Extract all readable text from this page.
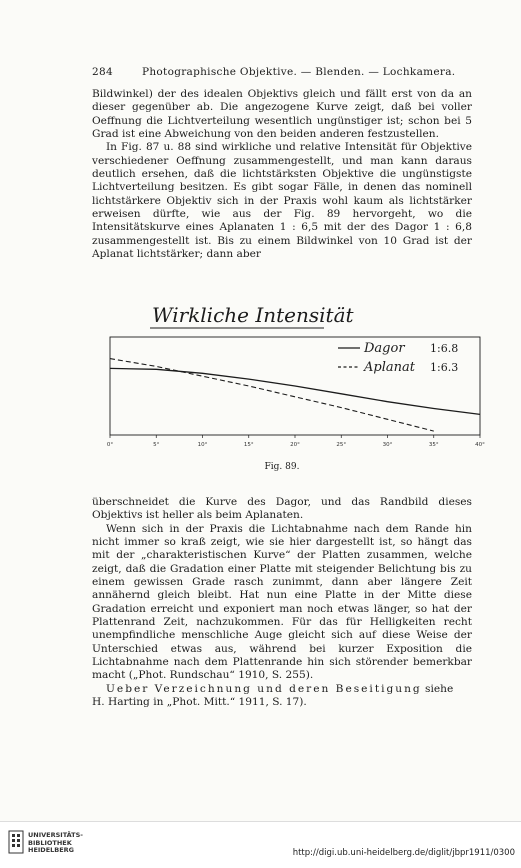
284	Photographische Objektive. — Blenden. — Lochkamera.

Bildwinkel) der des idealen Objektivs gleich und fällt erst von da an dieser gegenüber ab. Die angezogene Kurve zeigt, daß bei voller Oeffnung die Lichtverteilung wesentlich ungünstiger ist; schon bei 5 Grad ist eine Abweichung von den beiden anderen festzustellen.

In Fig. 87 u. 88 sind wirkliche und relative Intensität für Objektive verschiedener Oeffnung zusammengestellt, und man kann daraus deutlich ersehen, daß die lichtstärksten Objektive die ungünstigste Lichtverteilung besitzen. Es gibt sogar Fälle, in denen das nominell lichtstärkere Objektiv sich in der Praxis wohl kaum als lichtstärker erweisen dürfte, wie aus der Fig. 89 hervorgeht, wo die Intensitätskurve eines Aplanaten 1 : 6,5 mit der des Dagor 1 : 6,8 zusammengestellt ist. Bis zu einem Bildwinkel von 10 Grad ist der Aplanat lichtstärker; dann aber

Wirkliche Intensität
Dagor 1:6.8
Aplanat 1:6.3
0°	5°	10°	15°	20°	25°	30°	35°	40°
Fig. 89.

überschneidet die Kurve des Dagor, und das Randbild dieses Objektivs ist heller als beim Aplanaten.

Wenn sich in der Praxis die Lichtabnahme nach dem Rande hin nicht immer so kraß zeigt, wie sie hier dargestellt ist, so hängt das mit der „charakteristischen Kurve“ der Platten zusammen, welche zeigt, daß die Gradation einer Platte mit steigender Belichtung bis zu einem gewissen Grade rasch zunimmt, dann aber längere Zeit annähernd gleich bleibt. Hat nun eine Platte in der Mitte diese Gradation erreicht und exponiert man noch etwas länger, so hat der Plattenrand Zeit, nachzukommen. Für das für Helligkeiten recht unempfindliche menschliche Auge gleicht sich auf diese Weise der Unterschied etwas aus, während bei kurzer Exposition die Lichtabnahme nach dem Plattenrande hin sich störender bemerkbar macht („Phot. Rundschau“ 1910, S. 255).

Ueber Verzeichnung und deren Beseitigung siehe
H. Harting in „Phot. Mitt.“ 1911, S. 17).

UNIVERSITÄTS-
BIBLIOTHEK
HEIDELBERG	http://digi.ub.uni-heidelberg.de/diglit/jbpr1911/0300
